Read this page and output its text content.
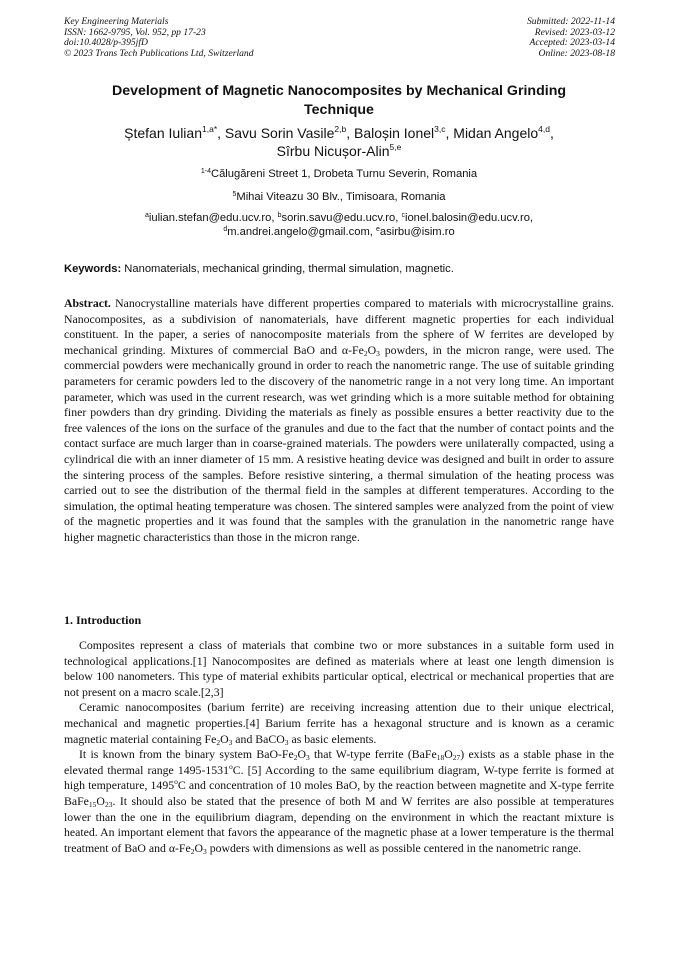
Key Engineering Materials
ISSN: 1662-9795, Vol. 952, pp 17-23
doi:10.4028/p-395jfD
© 2023 Trans Tech Publications Ltd, Switzerland
Submitted: 2022-11-14
Revised: 2023-03-12
Accepted: 2023-03-14
Online: 2023-08-18
Development of Magnetic Nanocomposites by Mechanical Grinding
Technique
Ștefan Iulian$^{1,a*}$, Savu Sorin Vasile$^{2,b}$, Baloșin Ionel$^{3,c}$, Midan Angelo$^{4,d}$,
Sîrbu Nicușor-Alin$^{5,e}$
$^{1-4}$Călugăreni Street 1, Drobeta Turnu Severin, Romania
$^5$Mihai Viteazu 30 Blv., Timisoara, Romania
$^a$iulian.stefan@edu.ucv.ro, $^b$sorin.savu@edu.ucv.ro, $^c$ionel.balosin@edu.ucv.ro,
$^d$m.andrei.angelo@gmail.com, $^e$asirbu@isim.ro
Keywords: Nanomaterials, mechanical grinding, thermal simulation, magnetic.
Abstract. Nanocrystalline materials have different properties compared to materials with microcrystalline grains. Nanocomposites, as a subdivision of nanomaterials, have different magnetic properties for each individual constituent. In the paper, a series of nanocomposite materials from the sphere of W ferrites are developed by mechanical grinding. Mixtures of commercial BaO and $\alpha-Fe_2O_3$ powders, in the micron range, were used. The commercial powders were mechanically ground in order to reach the nanometric range. The use of suitable grinding parameters for ceramic powders led to the discovery of the nanometric range in a not very long time. An important parameter, which was used in the current research, was wet grinding which is a more suitable method for obtaining finer powders than dry grinding. Dividing the materials as finely as possible ensures a better reactivity due to the free valences of the ions on the surface of the granules and due to the fact that the number of contact points and the contact surface are much larger than in coarse-grained materials. The powders were unilaterally compacted, using a cylindrical die with an inner diameter of 15 mm. A resistive heating device was designed and built in order to assure the sintering process of the samples. Before resistive sintering, a thermal simulation of the heating process was carried out to see the distribution of the thermal field in the samples at different temperatures. According to the simulation, the optimal heating temperature was chosen. The sintered samples were analyzed from the point of view of the magnetic properties and it was found that the samples with the granulation in the nanometric range have higher magnetic characteristics than those in the micron range.
1. Introduction

Composites represent a class of materials that combine two or more substances in a suitable form used in technological applications.[1] Nanocomposites are defined as materials where at least one length dimension is below 100 nanometers. This type of material exhibits particular optical, electrical or mechanical properties that are not present on a macro scale.[2,3]

Ceramic nanocomposites (barium ferrite) are receiving increasing attention due to their unique electrical, mechanical and magnetic properties.[4] Barium ferrite has a hexagonal structure and is known as a ceramic magnetic material containing $Fe_2O_3$ and BaCO$_3$ as basic elements.

It is known from the binary system BaO-$Fe_2O_3$ that W-type ferrite $(BaFe_{18}O_{27})$ exists as a stable phase in the elevated thermal range 1495-1531$^o$C. [5] According to the same equilibrium diagram, W-type ferrite is formed at high temperature, 1495$^o$C and concentration of 10 moles BaO, by the reaction between magnetite and X-type ferrite $BaFe_{15}O_{23}$. It should also be stated that the presence of both M and W ferrites are also possible at temperatures lower than the one in the equilibrium diagram, depending on the environment in which the reactant mixture is heated. An important element that favors the appearance of the magnetic phase at a lower temperature is the thermal treatment of BaO and $\alpha-Fe_2O_3$ powders with dimensions as well as possible centered in the nanometric range.
